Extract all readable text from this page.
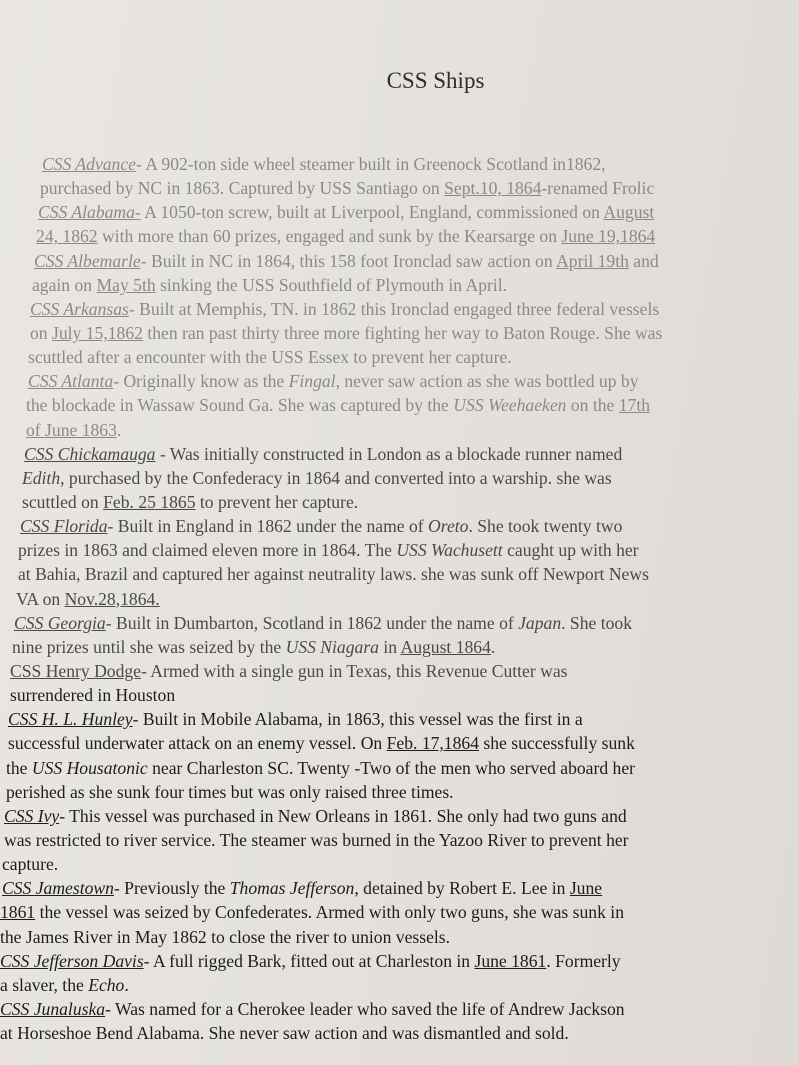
CSS Ships
CSS Advance- A 902-ton side wheel steamer built in Greenock Scotland in1862,
purchased by NC in 1863. Captured by USS Santiago on Sept.10, 1864-renamed Frolic
CSS Alabama- A 1050-ton screw, built at Liverpool, England, commissioned on August
24, 1862 with more than 60 prizes, engaged and sunk by the Kearsarge on June 19,1864
CSS Albemarle- Built in NC in 1864, this 158 foot Ironclad saw action on April 19th and
again on May 5th sinking the USS Southfield of Plymouth in April.
CSS Arkansas- Built at Memphis, TN. in 1862 this Ironclad engaged three federal vessels
on July 15,1862 then ran past thirty three more fighting her way to Baton Rouge. She was
scuttled after a encounter with the USS Essex to prevent her capture.
CSS Atlanta- Originally know as the Fingal, never saw action as she was bottled up by
the blockade in Wassaw Sound Ga. She was captured by the USS Weehaeken on the 17th
of June 1863.
CSS Chickamauga - Was initially constructed in London as a blockade runner named
Edith, purchased by the Confederacy in 1864 and converted into a warship. she was
scuttled on Feb. 25 1865 to prevent her capture.
CSS Florida- Built in England in 1862 under the name of Oreto. She took twenty two
prizes in 1863 and claimed eleven more in 1864. The USS Wachusett caught up with her
at Bahia, Brazil and captured her against neutrality laws. she was sunk off Newport News
VA on Nov.28,1864.
CSS Georgia- Built in Dumbarton, Scotland in 1862 under the name of Japan. She took
nine prizes until she was seized by the USS Niagara in August 1864.
CSS Henry Dodge- Armed with a single gun in Texas, this Revenue Cutter was
surrendered in Houston
CSS H. L. Hunley- Built in Mobile Alabama, in 1863, this vessel was the first in a
successful underwater attack on an enemy vessel. On Feb. 17,1864 she successfully sunk
the USS Housatonic near Charleston SC. Twenty -Two of the men who served aboard her
perished as she sunk four times but was only raised three times.
CSS Ivy- This vessel was purchased in New Orleans in 1861. She only had two guns and
was restricted to river service. The steamer was burned in the Yazoo River to prevent her
capture.
CSS Jamestown- Previously the Thomas Jefferson, detained by Robert E. Lee in June
1861 the vessel was seized by Confederates. Armed with only two guns, she was sunk in
the James River in May 1862 to close the river to union vessels.
CSS Jefferson Davis- A full rigged Bark, fitted out at Charleston in June 1861. Formerly
a slaver, the Echo.
CSS Junaluska- Was named for a Cherokee leader who saved the life of Andrew Jackson
at Horseshoe Bend Alabama. She never saw action and was dismantled and sold.
